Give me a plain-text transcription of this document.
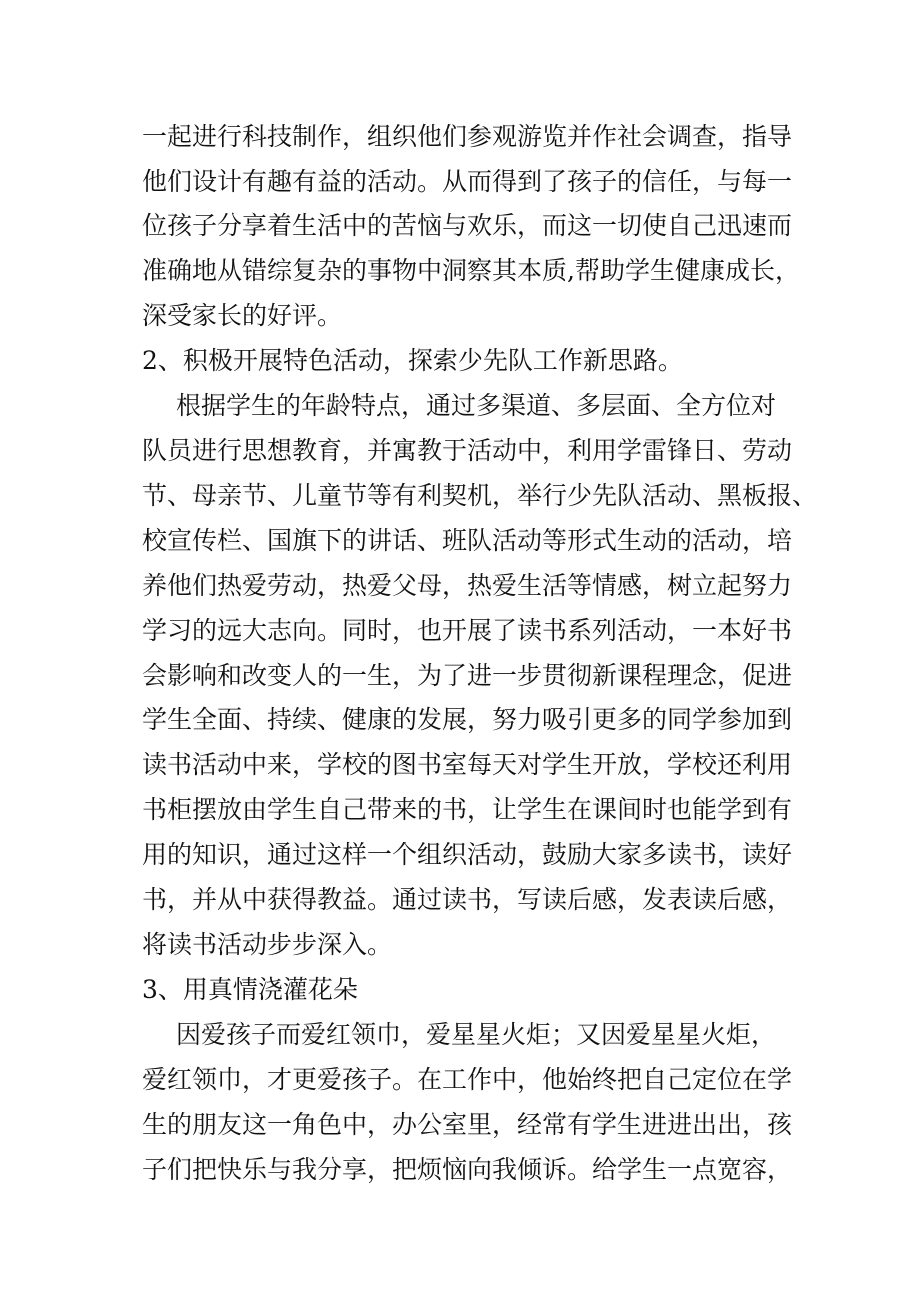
一起进行科技制作，组织他们参观游览并作社会调查，指导
他们设计有趣有益的活动。从而得到了孩子的信任，与每一
位孩子分享着生活中的苦恼与欢乐，而这一切使自己迅速而
准确地从错综复杂的事物中洞察其本质,帮助学生健康成长，
深受家长的好评。
2、积极开展特色活动，探索少先队工作新思路。
根据学生的年龄特点，通过多渠道、多层面、全方位对
队员进行思想教育，并寓教于活动中，利用学雷锋日、劳动
节、母亲节、儿童节等有利契机，举行少先队活动、黑板报、
校宣传栏、国旗下的讲话、班队活动等形式生动的活动，培
养他们热爱劳动，热爱父母，热爱生活等情感，树立起努力
学习的远大志向。同时，也开展了读书系列活动，一本好书
会影响和改变人的一生，为了进一步贯彻新课程理念，促进
学生全面、持续、健康的发展，努力吸引更多的同学参加到
读书活动中来，学校的图书室每天对学生开放，学校还利用
书柜摆放由学生自己带来的书，让学生在课间时也能学到有
用的知识，通过这样一个组织活动，鼓励大家多读书，读好
书，并从中获得教益。通过读书，写读后感，发表读后感，
将读书活动步步深入。
3、用真情浇灌花朵
因爱孩子而爱红领巾，爱星星火炬；又因爱星星火炬，
爱红领巾，才更爱孩子。在工作中，他始终把自己定位在学
生的朋友这一角色中，办公室里，经常有学生进进出出，孩
子们把快乐与我分享，把烦恼向我倾诉。给学生一点宽容，
